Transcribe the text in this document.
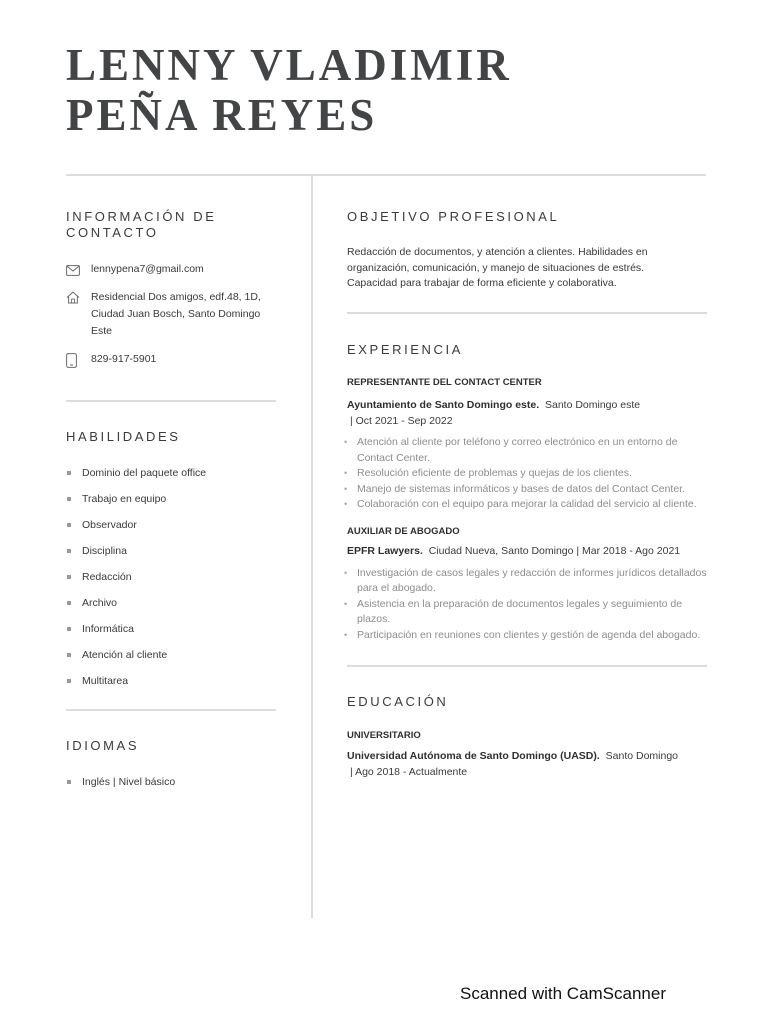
LENNY VLADIMIR
PEÑA REYES
INFORMACIÓN DE CONTACTO
lennypena7@gmail.com
Residencial Dos amigos, edf.48, 1D,
Ciudad Juan Bosch, Santo Domingo
Este
829-917-5901
HABILIDADES
Dominio del paquete office
Trabajo en equipo
Observador
Disciplina
Redacción
Archivo
Informática
Atención al cliente
Multitarea
IDIOMAS
Inglés | Nivel básico
OBJETIVO PROFESIONAL

Redacción de documentos, y atención a clientes. Habilidades en

organización, comunicación, y manejo de situaciones de estrés.

Capacidad para trabajar de forma eficiente y colaborativa.

EXPERIENCIA

REPRESENTANTE DEL CONTACT CENTER

Ayuntamiento de Santo Domingo este. Santo Domingo este

| Oct 2021 - Sep 2022

• Atención al cliente por teléfono y correo electrónico en un entorno de Contact Center.
• Resolución eficiente de problemas y quejas de los clientes.
• Manejo de sistemas informáticos y bases de datos del Contact Center.
• Colaboración con el equipo para mejorar la calidad del servicio al cliente.

AUXILIAR DE ABOGADO

EPFR Lawyers. Ciudad Nueva, Santo Domingo | Mar 2018 - Ago 2021

• Investigación de casos legales y redacción de informes jurídicos detallados para el abogado.
• Asistencia en la preparación de documentos legales y seguimiento de plazos.
• Participación en reuniones con clientes y gestión de agenda del abogado.
EDUCACIÓN

UNIVERSITARIO

Universidad Autónoma de Santo Domingo (UASD). Santo Domingo

| Ago 2018 - Actualmente

Scanned with CamScanner
